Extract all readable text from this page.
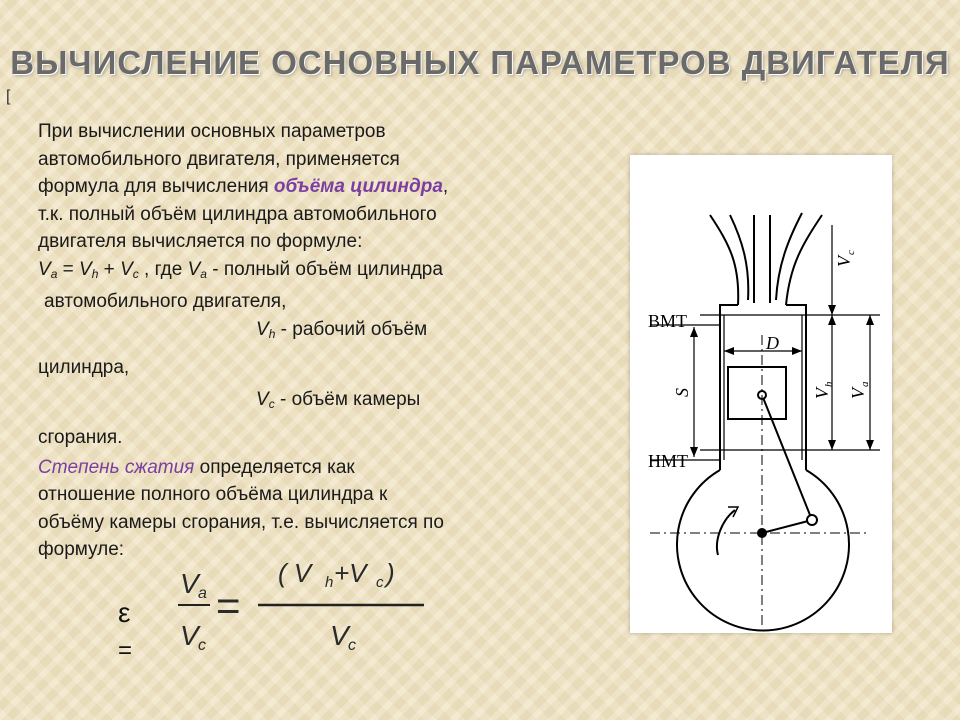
ВЫЧИСЛЕНИЕ ОСНОВНЫХ ПАРАМЕТРОВ ДВИГАТЕЛЯ
[

При вычислении основных параметров

автомобильного двигателя, применяется

формула для вычисления объёма цилиндра,

т.к. полный объём цилиндра автомобильного

двигателя вычисляется по формуле:

$V_a = V_h + V_c$ , где $V_a$ - полный объём цилиндра

автомобильного двигателя,

$V_h$ - рабочий объём

цилиндра,

$V_c$ - объём камеры

сгорания.

Степень сжатия определяется как

отношение полного объёма цилиндра к

объёму камеры сгорания, т.е. вычисляется по

формуле:

ε
=
V a
V c
=
( V h +V c )
V c
ВМТ
НМТ
D
S
V
c
V
h
V
a
